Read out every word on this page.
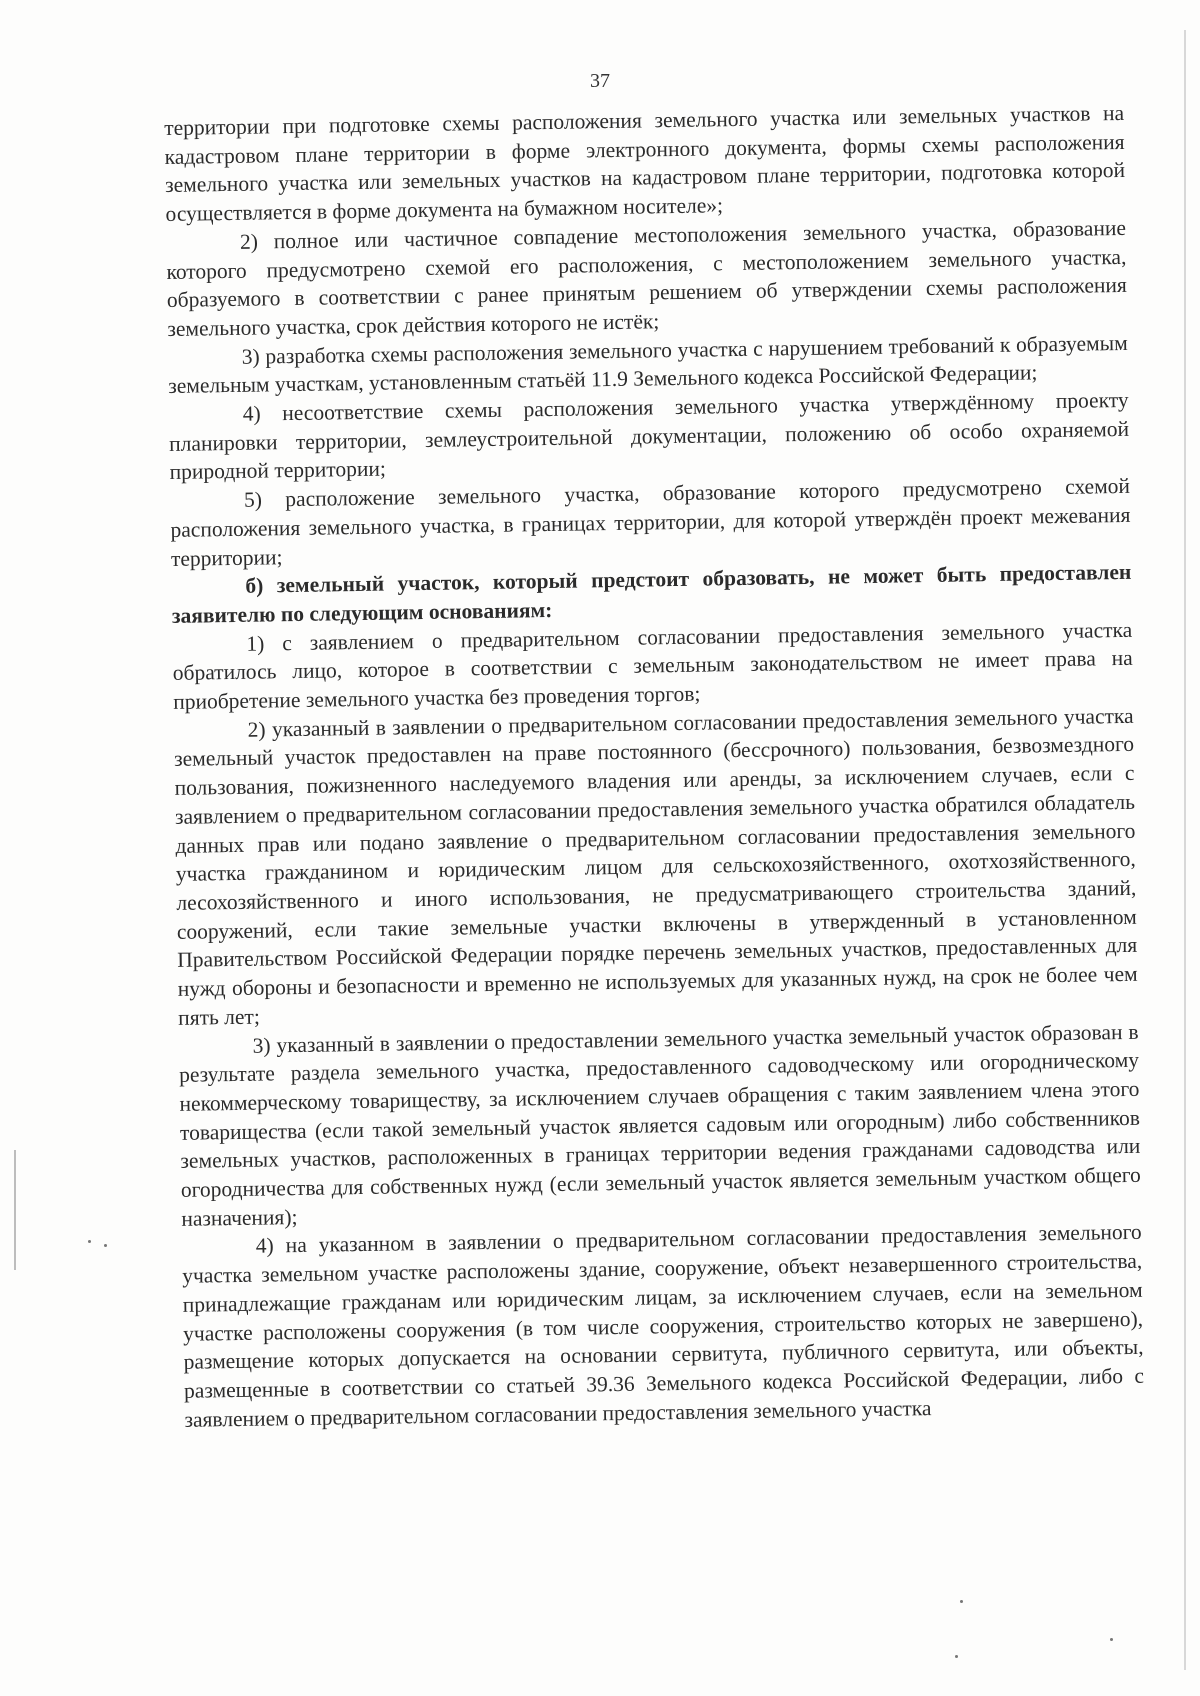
37

территории при подготовке схемы расположения земельного участка или земельных участков на кадастровом плане территории в форме электронного документа, формы схемы расположения земельного участка или земельных участков на кадастровом плане территории, подготовка которой осуществляется в форме документа на бумажном носителе»;

2) полное или частичное совпадение местоположения земельного участка, образование которого предусмотрено схемой его расположения, с местоположением земельного участка, образуемого в соответствии с ранее принятым решением об утверждении схемы расположения земельного участка, срок действия которого не истёк;

3) разработка схемы расположения земельного участка с нарушением требований к образуемым земельным участкам, установленным статьёй 11.9 Земельного кодекса Российской Федерации;

4) несоответствие схемы расположения земельного участка утверждённому проекту планировки территории, землеустроительной документации, положению об особо охраняемой природной территории;

5) расположение земельного участка, образование которого предусмотрено схемой расположения земельного участка, в границах территории, для которой утверждён проект межевания территории;

б) земельный участок, который предстоит образовать, не может быть предоставлен заявителю по следующим основаниям:

1) с заявлением о предварительном согласовании предоставления земельного участка обратилось лицо, которое в соответствии с земельным законодательством не имеет права на приобретение земельного участка без проведения торгов;

2) указанный в заявлении о предварительном согласовании предоставления земельного участка земельный участок предоставлен на праве постоянного (бессрочного) пользования, безвозмездного пользования, пожизненного наследуемого владения или аренды, за исключением случаев, если с заявлением о предварительном согласовании предоставления земельного участка обратился обладатель данных прав или подано заявление о предварительном согласовании предоставления земельного участка гражданином и юридическим лицом для сельскохозяйственного, охотхозяйственного, лесохозяйственного и иного использования, не предусматривающего строительства зданий, сооружений, если такие земельные участки включены в утвержденный в установленном Правительством Российской Федерации порядке перечень земельных участков, предоставленных для нужд обороны и безопасности и временно не используемых для указанных нужд, на срок не более чем пять лет;

3) указанный в заявлении о предоставлении земельного участка земельный участок образован в результате раздела земельного участка, предоставленного садоводческому или огородническому некоммерческому товариществу, за исключением случаев обращения с таким заявлением члена этого товарищества (если такой земельный участок является садовым или огородным) либо собственников земельных участков, расположенных в границах территории ведения гражданами садоводства или огородничества для собственных нужд (если земельный участок является земельным участком общего назначения);

4) на указанном в заявлении о предварительном согласовании предоставления земельного участка земельном участке расположены здание, сооружение, объект незавершенного строительства, принадлежащие гражданам или юридическим лицам, за исключением случаев, если на земельном участке расположены сооружения (в том числе сооружения, строительство которых не завершено), размещение которых допускается на основании сервитута, публичного сервитута, или объекты, размещенные в соответствии со статьей 39.36 Земельного кодекса Российской Федерации, либо с заявлением о предварительном согласовании предоставления земельного участка
